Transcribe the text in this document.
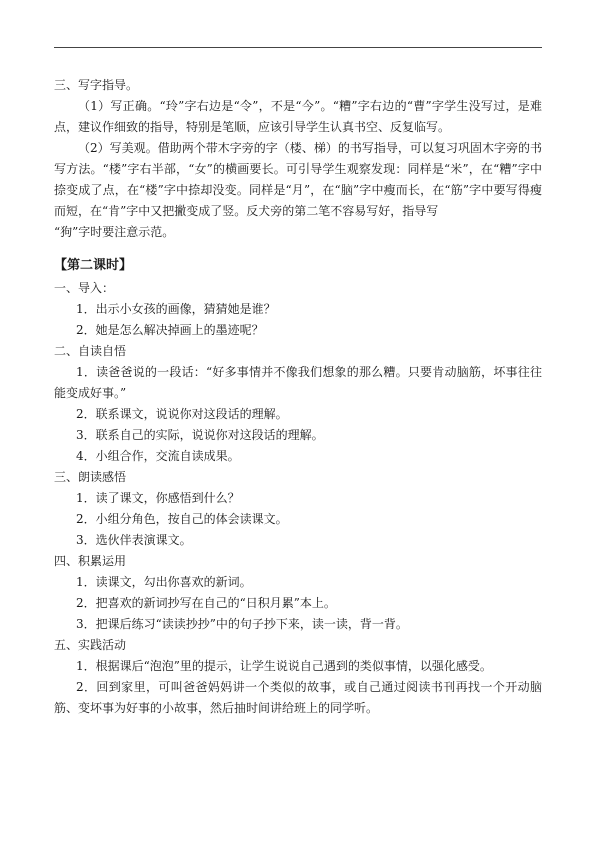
三、写字指导。

（1）写正确。“玲”字右边是“令”，不是“今”。“糟”字右边的“曹”字学生没写过，是难点，建议作细致的指导，特别是笔顺，应该引导学生认真书空、反复临写。

（2）写美观。借助两个带木字旁的字（楼、梯）的书写指导，可以复习巩固木字旁的书写方法。“楼”字右半部，“女”的横画要长。可引导学生观察发现：同样是“米”，在“糟”字中捺变成了点，在“楼”字中捺却没变。同样是“月”，在“脑”字中瘦而长，在“筋”字中要写得瘦而短，在“肯”字中又把撇变成了竖。反犬旁的第二笔不容易写好，指导写

“狗”字时要注意示范。

【第二课时】

一、导入：

1．出示小女孩的画像，猜猜她是谁？

2．她是怎么解决掉画上的墨迹呢？

二、自读自悟

1．读爸爸说的一段话：“好多事情并不像我们想象的那么糟。只要肯动脑筋，坏事往往能变成好事。”

2．联系课文，说说你对这段话的理解。

3．联系自己的实际，说说你对这段话的理解。

4．小组合作，交流自读成果。

三、朗读感悟

1．读了课文，你感悟到什么？

2．小组分角色，按自己的体会读课文。

3．选伙伴表演课文。

四、积累运用

1．读课文，勾出你喜欢的新词。

2．把喜欢的新词抄写在自己的“日积月累”本上。

3．把课后练习“读读抄抄”中的句子抄下来，读一读，背一背。

五、实践活动

1．根据课后“泡泡”里的提示，让学生说说自己遇到的类似事情，以强化感受。

2．回到家里，可叫爸爸妈妈讲一个类似的故事，或自己通过阅读书刊再找一个开动脑筋、变坏事为好事的小故事，然后抽时间讲给班上的同学听。
